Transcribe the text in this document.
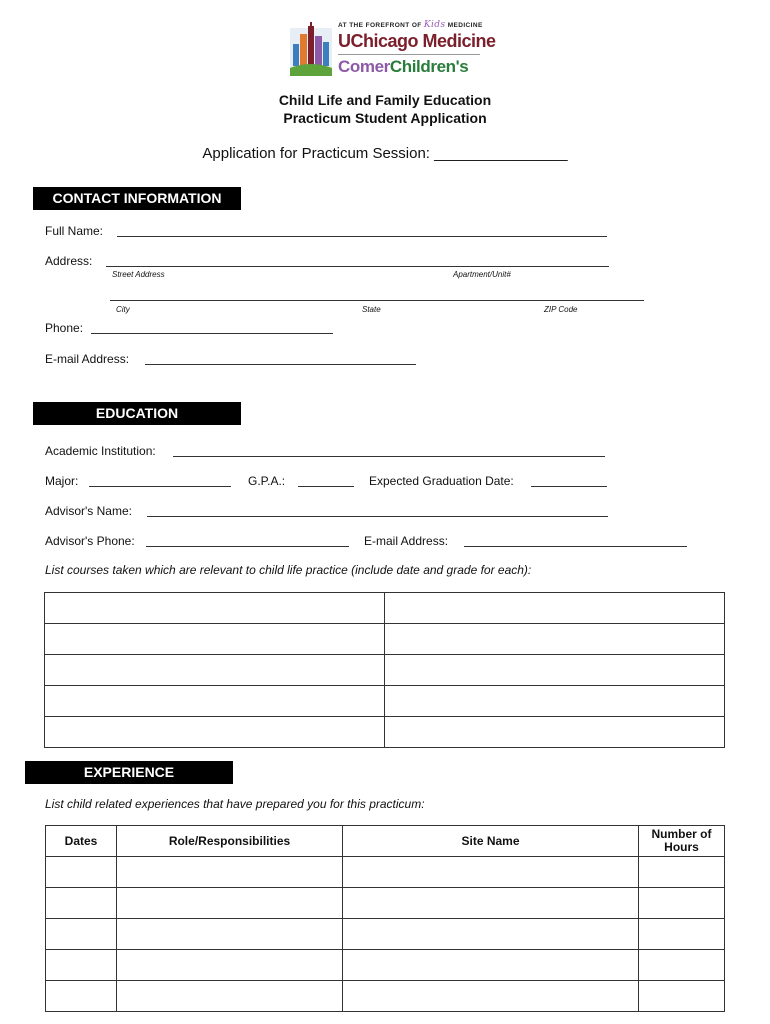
AT THE FOREFRONT OF Kids MEDICINE
UChicago Medicine
ComerChildren's
Child Life and Family Education
Practicum Student Application
Application for Practicum Session: ________________
CONTACT INFORMATION
Full Name:
Address:
Street Address	Apartment/Unit#
City	State	ZIP Code
Phone:
E-mail Address:
EDUCATION
Academic Institution:
Major:	G.P.A.:	Expected Graduation Date:
Advisor's Name:
Advisor's Phone:	E-mail Address:
List courses taken which are relevant to child life practice (include date and grade for each):

EXPERIENCE
List child related experiences that have prepared you for this practicum:
Dates	Role/Responsibilities	Site Name	Number of Hours
